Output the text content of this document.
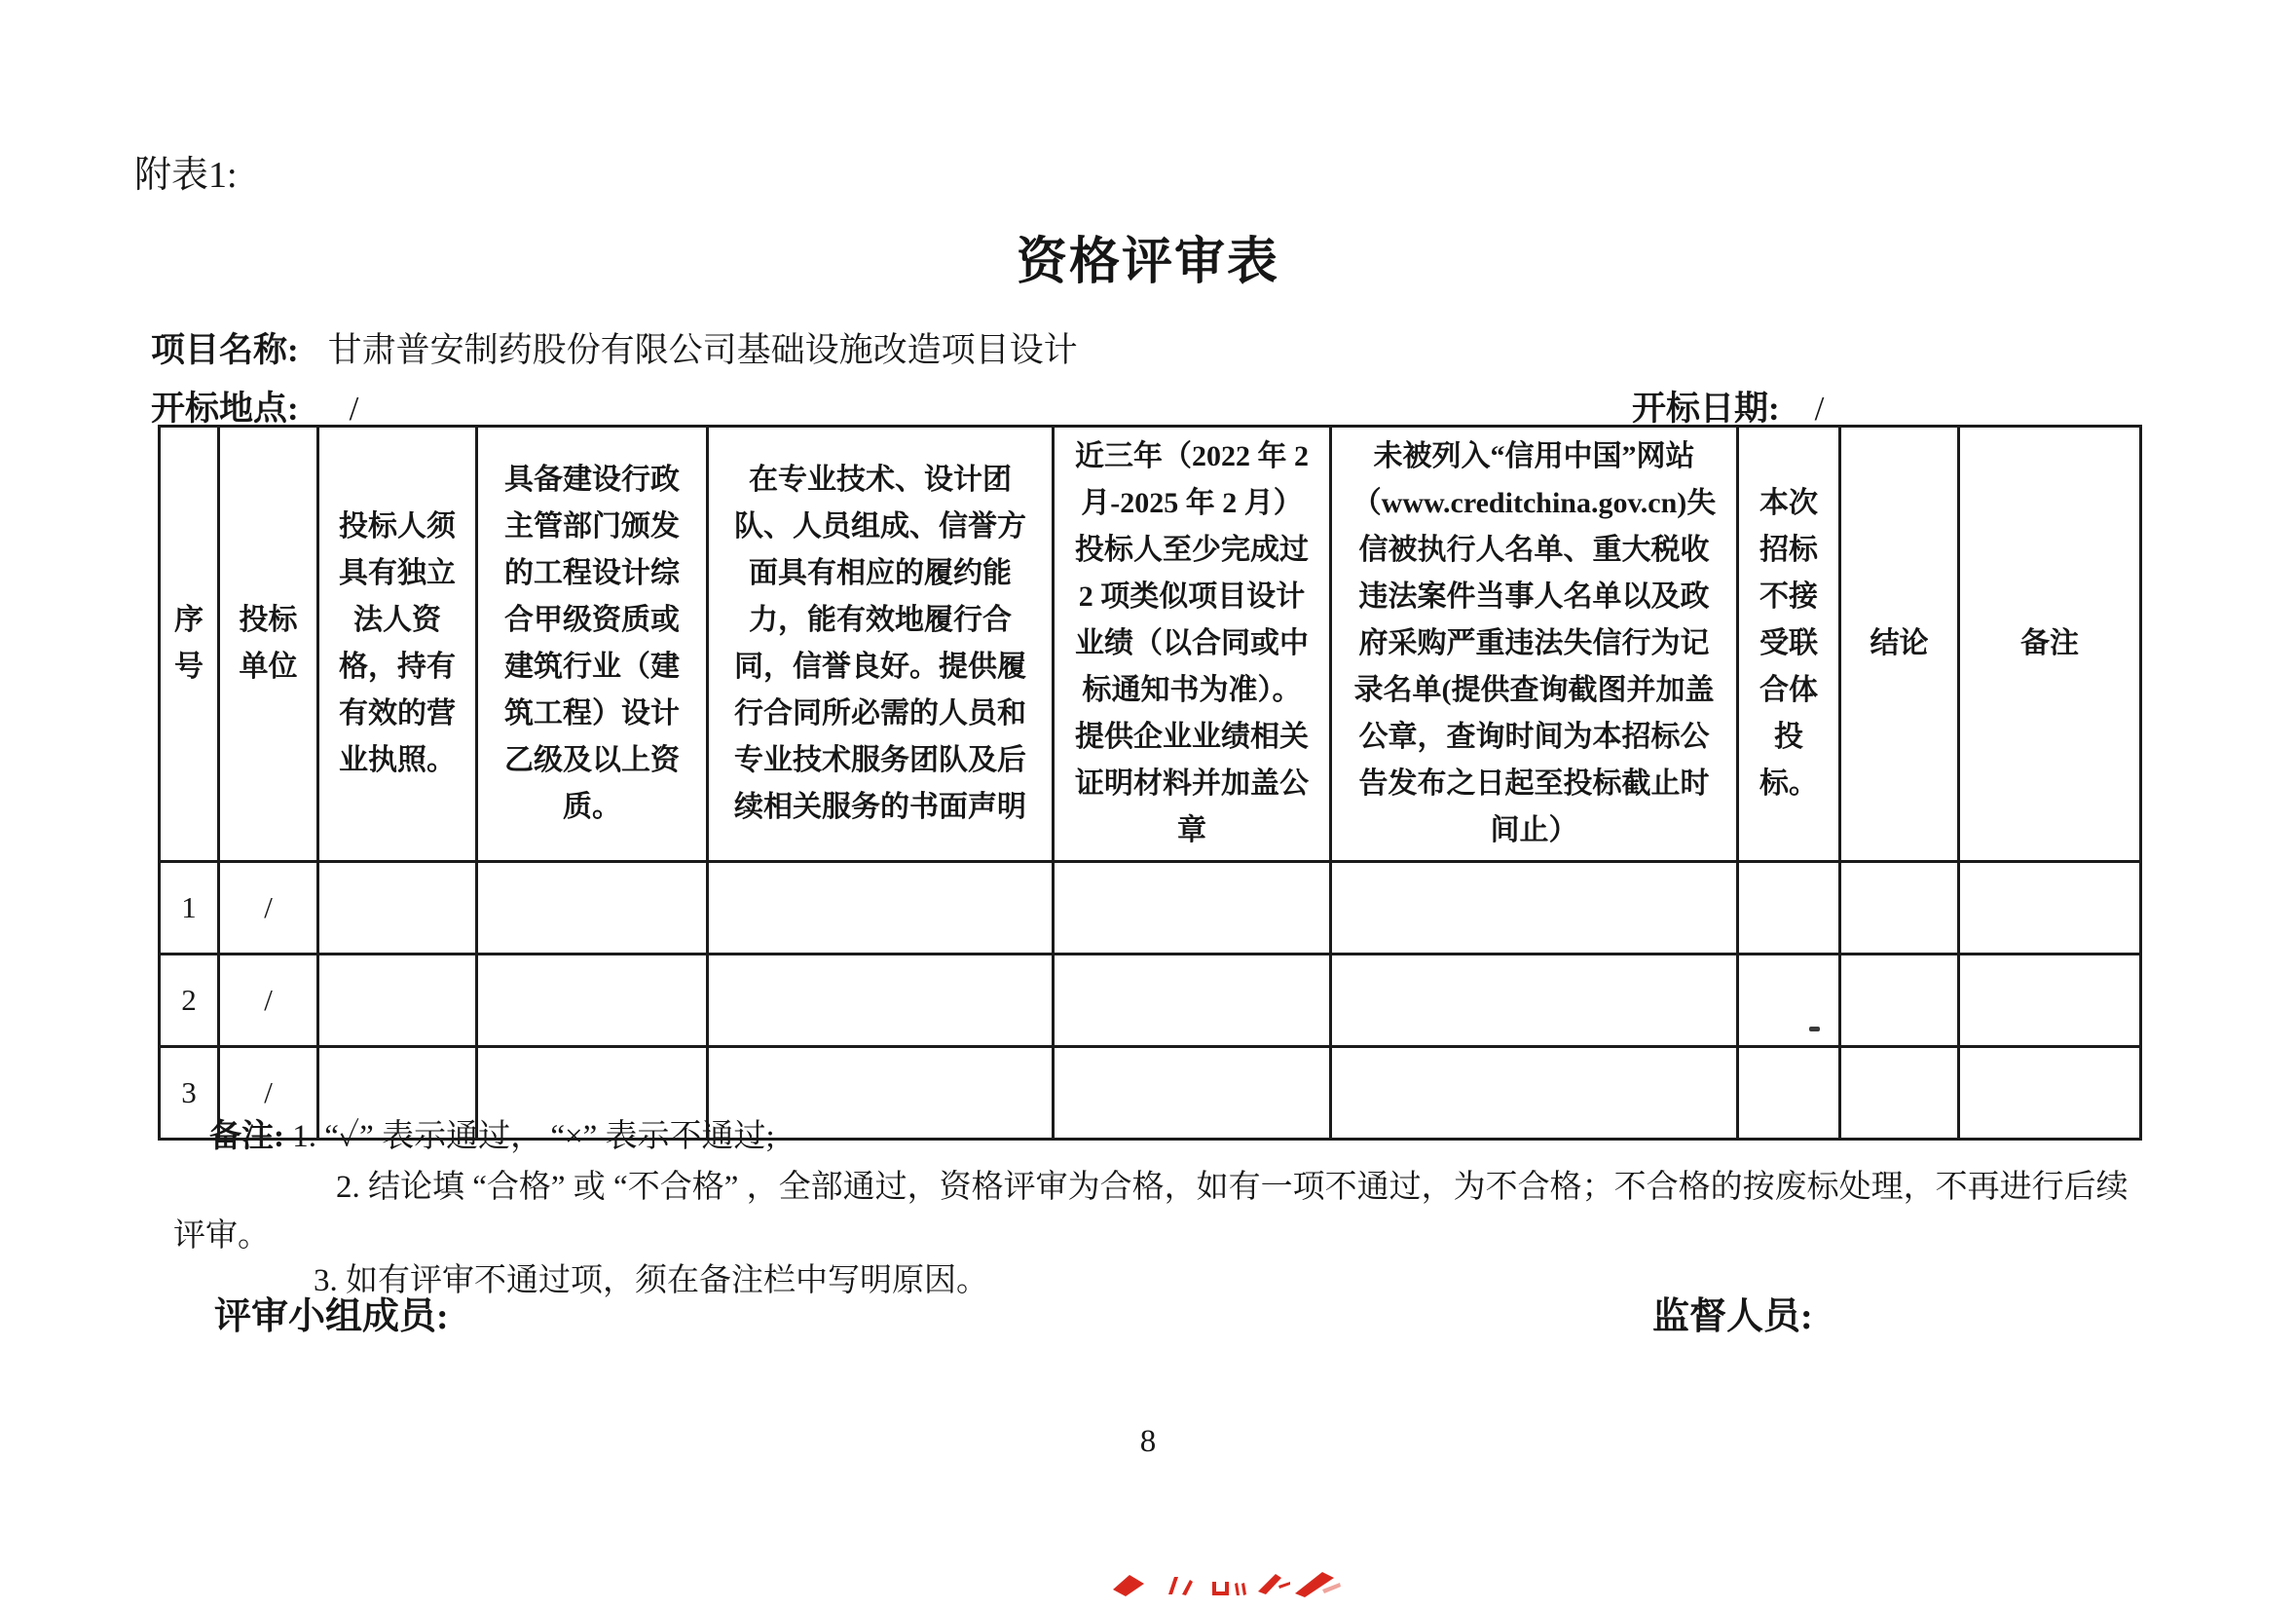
附表1:
资格评审表
项目名称: 甘肃普安制药股份有限公司基础设施改造项目设计
开标地点: /	开标日期: /
序号	投标单位	投标人须具有独立法人资格，持有有效的营业执照。	具备建设行政主管部门颁发的工程设计综合甲级资质或建筑行业（建筑工程）设计乙级及以上资质。	在专业技术、设计团队、人员组成、信誉方面具有相应的履约能力，能有效地履行合同，信誉良好。提供履行合同所必需的人员和专业技术服务团队及后续相关服务的书面声明	近三年（2022 年 2 月-2025 年 2 月）投标人至少完成过 2 项类似项目设计业绩（以合同或中标通知书为准）。提供企业业绩相关证明材料并加盖公章	未被列入“信用中国”网站（www.creditchina.gov.cn)失信被执行人名单、重大税收违法案件当事人名单以及政府采购严重违法失信行为记录名单(提供查询截图并加盖公章，查询时间为本招标公告发布之日起至投标截止时间止）	本次招标不接受联合体投标。	结论	备注
1	/								
2	/								
3	/								
备注: 1. “✓” 表示通过， “×” 表示不通过;
2. 结论填 “合格” 或 “不合格” ，全部通过，资格评审为合格，如有一项不通过，为不合格；不合格的按废标处理，不再进行后续
评审。
3. 如有评审不通过项，须在备注栏中写明原因。
评审小组成员:	监督人员:
8
